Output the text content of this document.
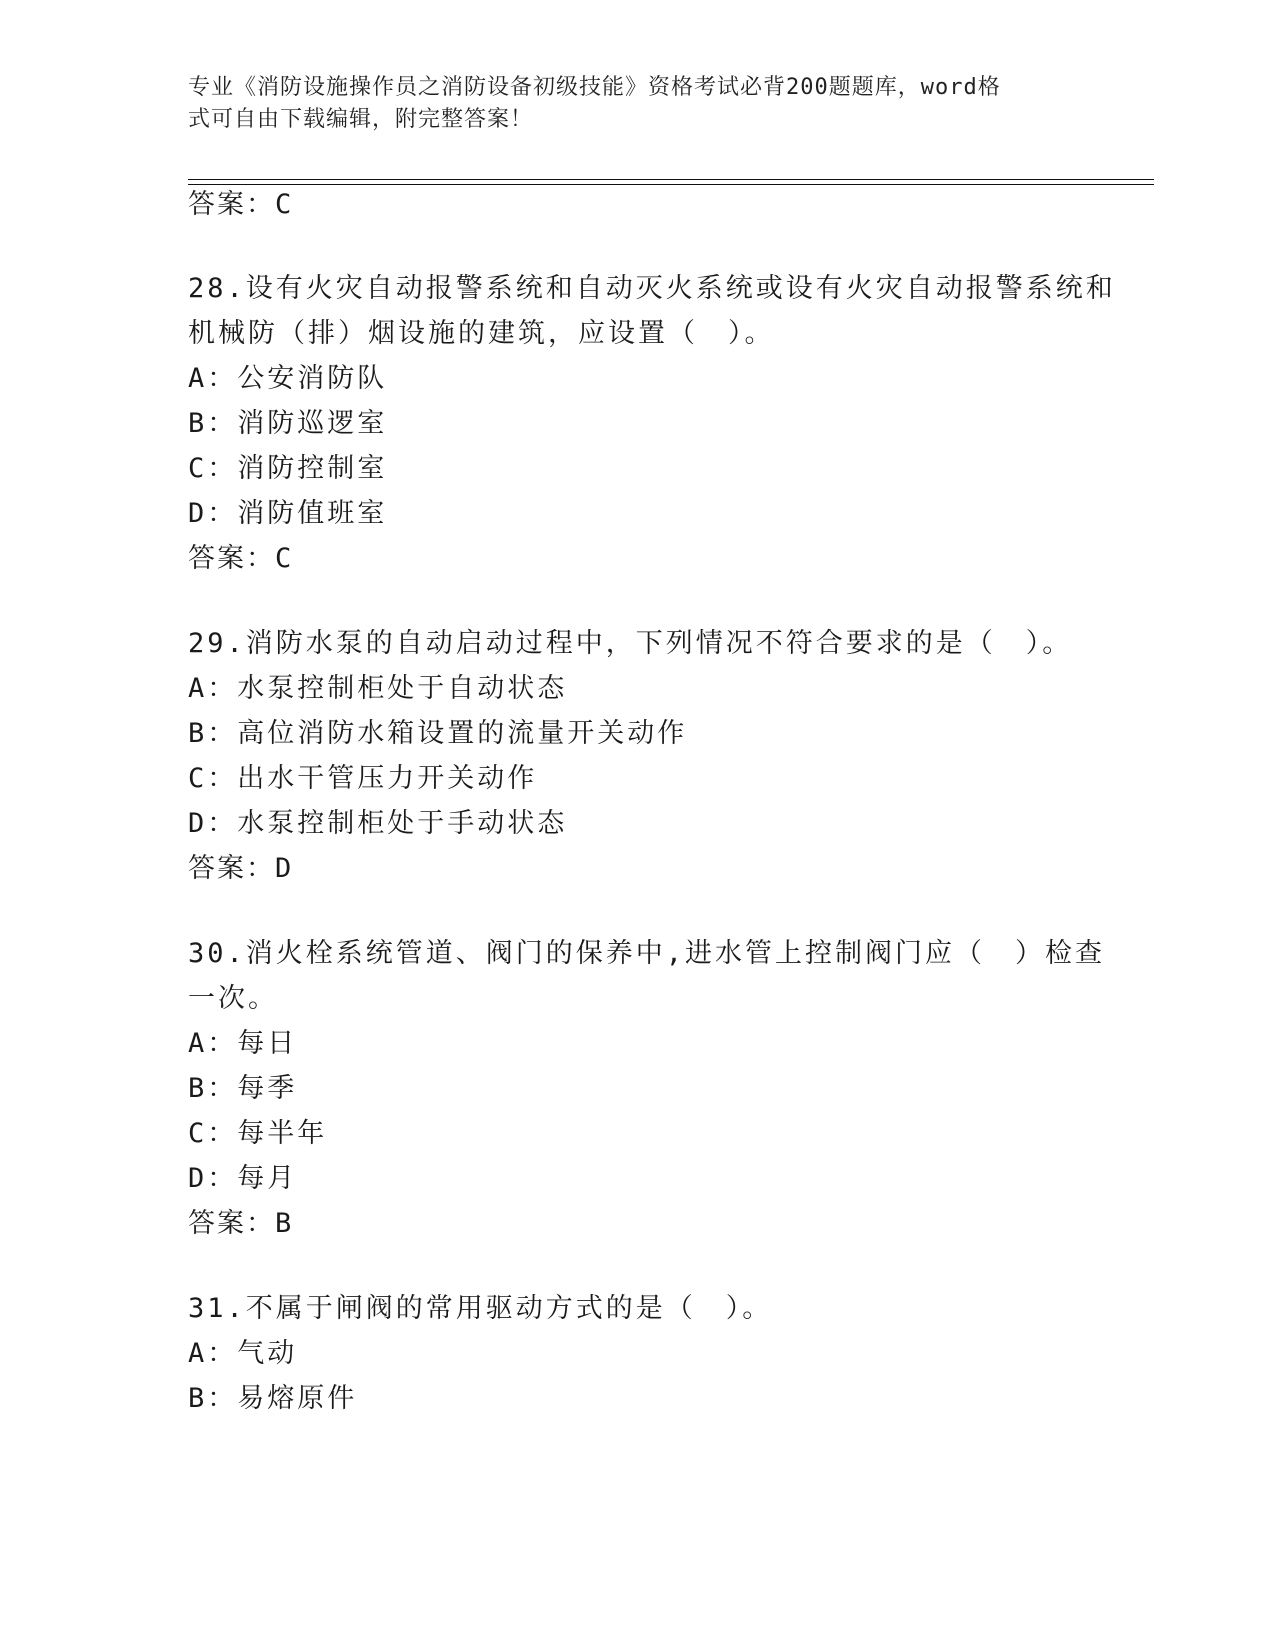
专业《消防设施操作员之消防设备初级技能》资格考试必背200题题库，word格
式可自由下载编辑，附完整答案！
答案：C
28.设有火灾自动报警系统和自动灭火系统或设有火灾自动报警系统和
机械防（排）烟设施的建筑，应设置（　）。
A：公安消防队
B：消防巡逻室
C：消防控制室
D：消防值班室
答案：C
29.消防水泵的自动启动过程中，下列情况不符合要求的是（　）。
A：水泵控制柜处于自动状态
B：高位消防水箱设置的流量开关动作
C：出水干管压力开关动作
D：水泵控制柜处于手动状态
答案：D
30.消火栓系统管道、阀门的保养中,进水管上控制阀门应（　）检查
一次。
A：每日
B：每季
C：每半年
D：每月
答案：B
31.不属于闸阀的常用驱动方式的是（　）。
A：气动
B：易熔原件
